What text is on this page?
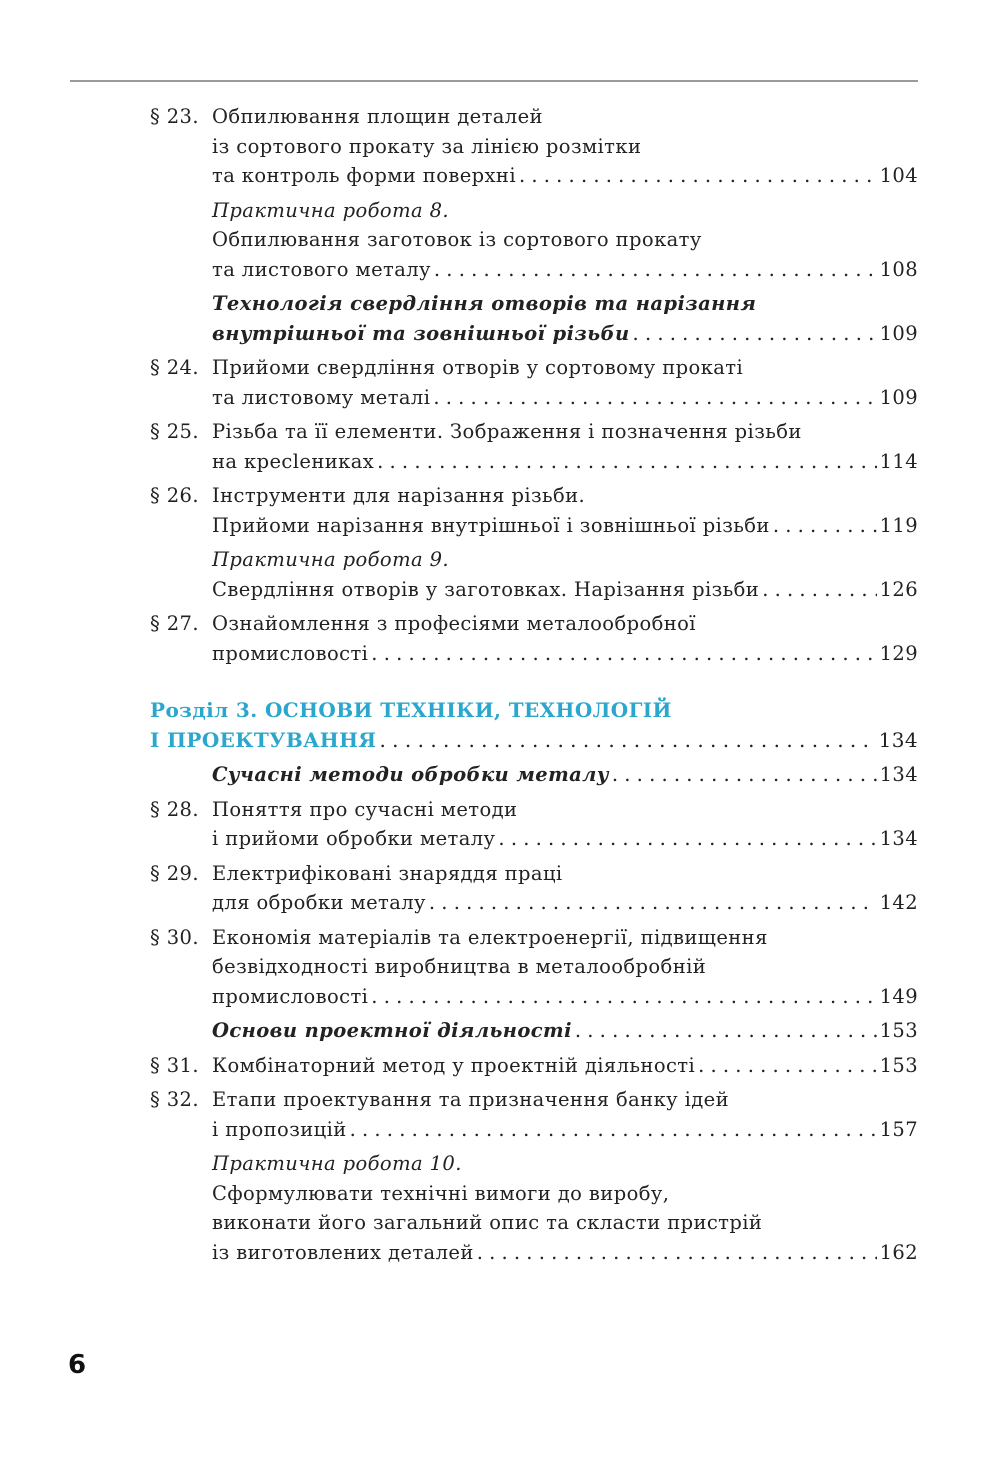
§ 23. Обпилювання площин деталей
із сортового прокату за лінією розмітки
та контроль форми поверхні . . .	104
Практична робота 8.
Обпилювання заготовок із сортового прокату
та листового металу . . .	108
Технологія свердління отворів та нарізання
внутрішньої та зовнішньої різьби . . .	109
§ 24. Прийоми свердління отворів у сортовому прокаті
та листовому металі . . .	109
§ 25. Різьба та її елементи. Зображення і позначення різьби
на кресleниках . . .	114
§ 26. Інструменти для нарізання різьби.
Прийоми нарізання внутрішньої і зовнішньої різьби . . .	119
Практична робота 9.
Свердління отворів у заготовках. Нарізання різьби . . .	126
§ 27. Ознайомлення з професіями металообробної
промисловості . . .	129
Розділ 3. ОСНОВИ ТЕХНІКИ, ТЕХНОЛОГІЙ
І ПРОЕКТУВАННЯ . . .	134
Сучасні методи обробки металу . . .	134
§ 28. Поняття про сучасні методи
і прийоми обробки металу . . .	134
§ 29. Електрифіковані знаряддя праці
для обробки металу . . .	142
§ 30. Економія матеріалів та електроенергії, підвищення
безвідходності виробництва в металообробній
промисловості . . .	149
Основи проектної діяльності . . .	153
§ 31. Комбінаторний метод у проектній діяльності . . .	153
§ 32. Етапи проектування та призначення банку ідей
і пропозицій . . .	157
Практична робота 10.
Сформулювати технічні вимоги до виробу,
виконати його загальний опис та скласти пристрій
із виготовлених деталей . . .	162
6
